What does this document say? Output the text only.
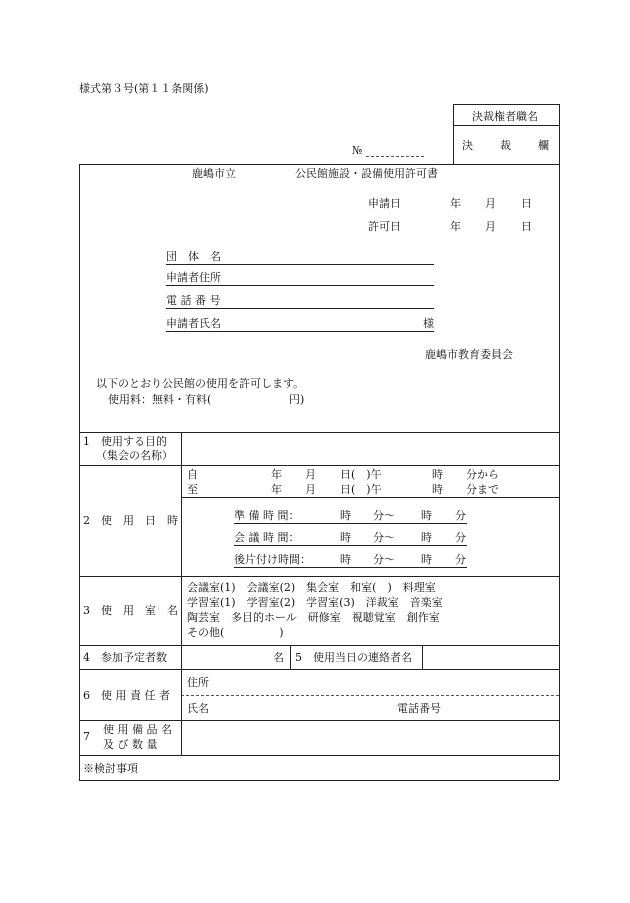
様式第３号(第１１条関係)
決裁権者職名
決 裁 欄
№
鹿嶋市立	公民館施設・設備使用許可書
申請日	年 月 日
許可日	年 月 日
団　体　名
申請者住所
電 話 番 号
申請者氏名	様
鹿嶋市教育委員会
以下のとおり公民館の使用を許可します。
使用料：無料・有料(	円)
1　使用する目的
（集会の名称）
2　使　用　日　時
自	年 月 日(　)午	時 分から
至	年 月 日(　)午	時 分まで
準 備 時 間：	時 分〜 時 分
会 議 時 間：	時 分〜 時 分
後片付け時間：	時 分〜 時 分
3　使　用　室　名
会議室(1)　会議室(2)　集会室　和室(　)　料理室
学習室(1)　学習室(2)　学習室(3)　洋裁室　音楽室
陶芸室　多目的ホール　研修室　視聴覚室　創作室
その他(　　　　　)
4　参加予定者数	名 5　使用当日の連絡者名
6　使 用 責 任 者
住所
氏名	電話番号
7
使 用 備 品 名
及 び 数 量
※検討事項
